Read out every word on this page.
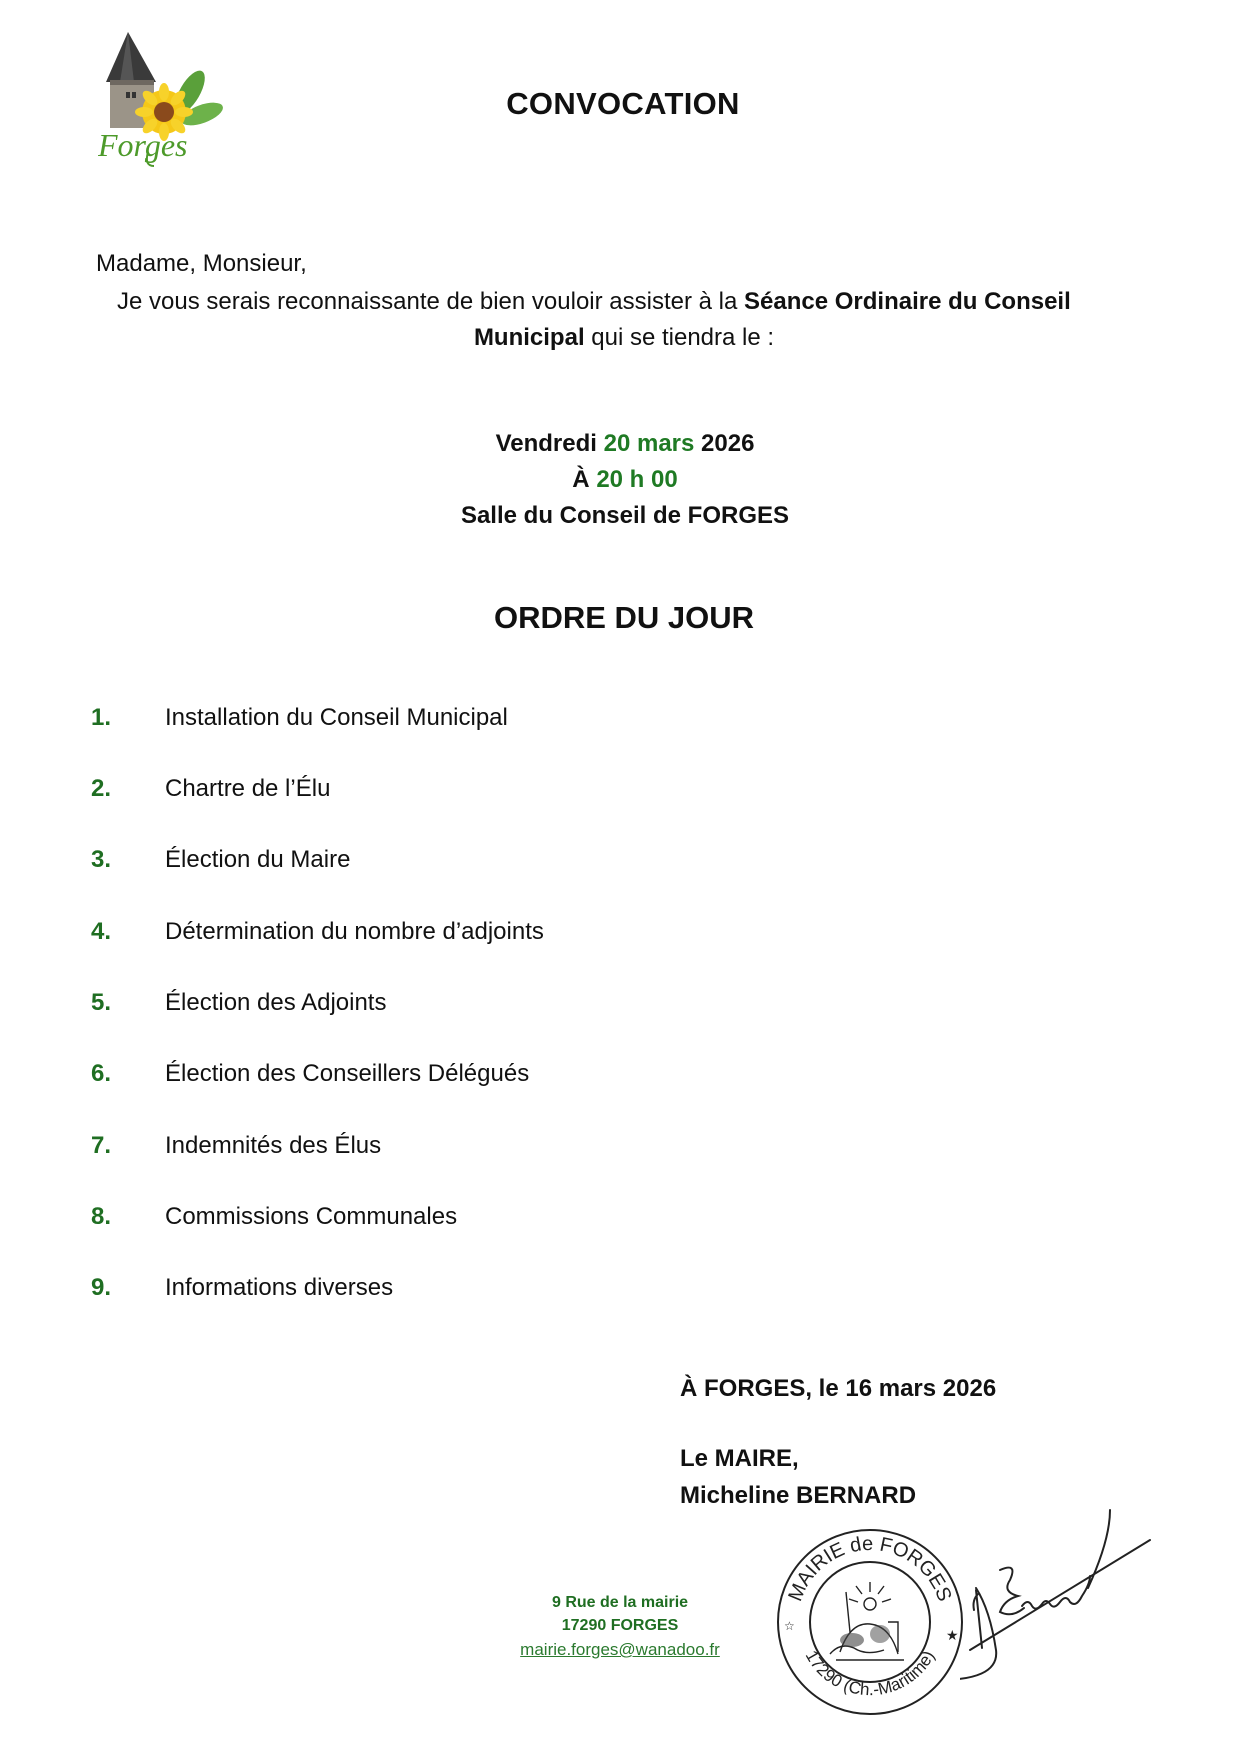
Forges
CONVOCATION
Madame, Monsieur,
Je vous serais reconnaissante de bien vouloir assister à la Séance Ordinaire du Conseil
Municipal qui se tiendra le :
Vendredi 20 mars 2026
À 20 h 00
Salle du Conseil de FORGES
ORDRE DU JOUR
1. Installation du Conseil Municipal
2. Chartre de l’Élu
3. Élection du Maire
4. Détermination du nombre d’adjoints
5. Élection des Adjoints
6. Élection des Conseillers Délégués
7. Indemnités des Élus
8. Commissions Communales
9. Informations diverses
À FORGES, le 16 mars 2026
Le MAIRE,
Micheline BERNARD
9 Rue de la mairie
17290 FORGES
mairie.forges@wanadoo.fr
MAIRIE de FORGES
17290 (Ch.-Maritime)
☆
★
